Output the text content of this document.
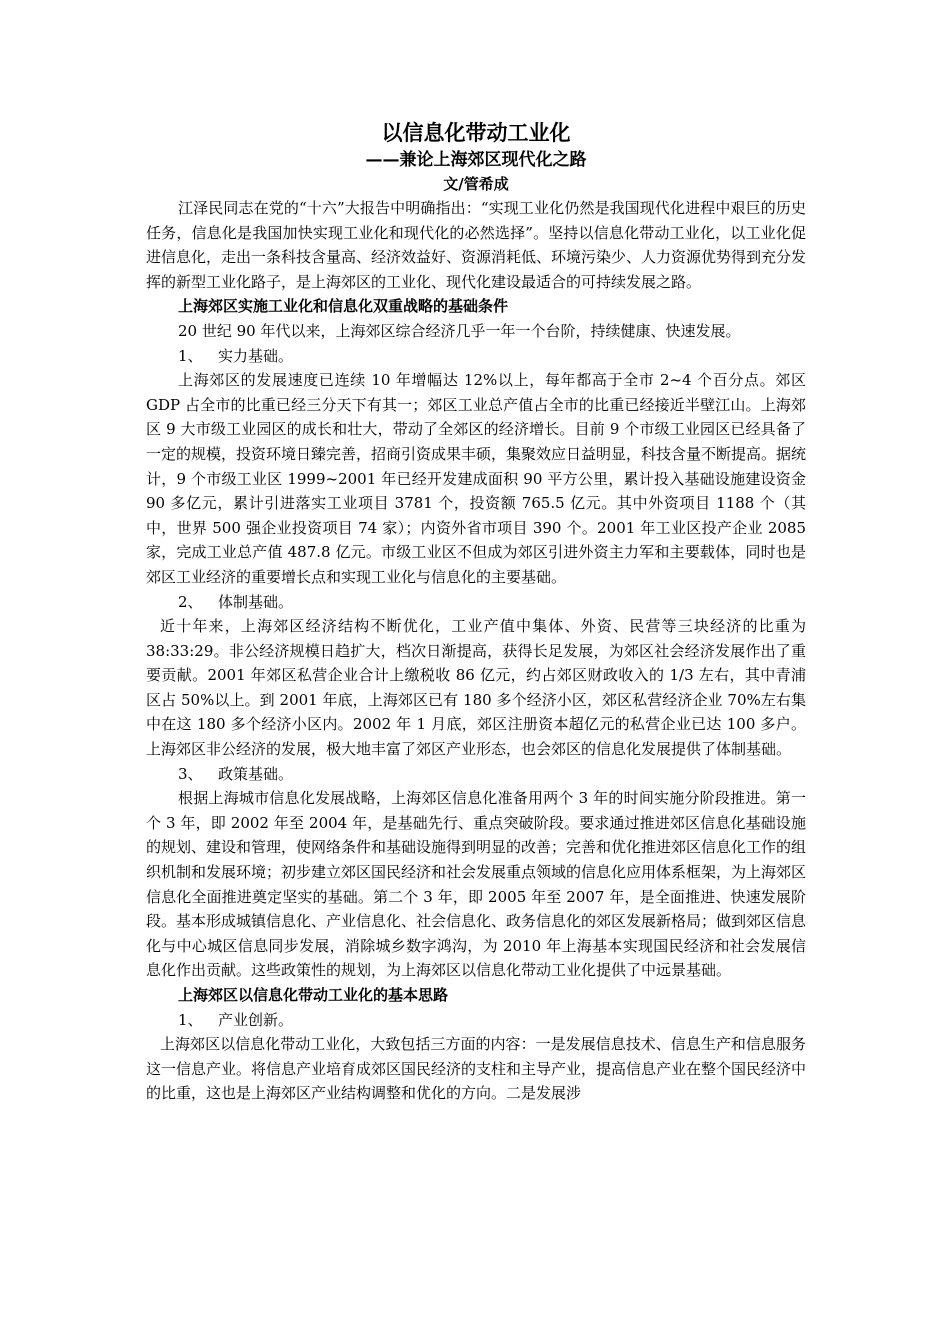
以信息化带动工业化
——兼论上海郊区现代化之路
文/管希成

江泽民同志在党的“十六”大报告中明确指出：“实现工业化仍然是我国现代化进程中艰巨的历史任务，信息化是我国加快实现工业化和现代化的必然选择”。坚持以信息化带动工业化，以工业化促进信息化，走出一条科技含量高、经济效益好、资源消耗低、环境污染少、人力资源优势得到充分发挥的新型工业化路子，是上海郊区的工业化、现代化建设最适合的可持续发展之路。

上海郊区实施工业化和信息化双重战略的基础条件

20 世纪 90 年代以来，上海郊区综合经济几乎一年一个台阶，持续健康、快速发展。

1、 实力基础。

上海郊区的发展速度已连续 10 年增幅达 12%以上，每年都高于全市 2~4 个百分点。郊区 GDP 占全市的比重已经三分天下有其一；郊区工业总产值占全市的比重已经接近半壁江山。上海郊区 9 大市级工业园区的成长和壮大，带动了全郊区的经济增长。目前 9 个市级工业园区已经具备了一定的规模，投资环境日臻完善，招商引资成果丰硕，集聚效应日益明显，科技含量不断提高。据统计，9 个市级工业区 1999~2001 年已经开发建成面积 90 平方公里，累计投入基础设施建设资金 90 多亿元，累计引进落实工业项目 3781 个，投资额 765.5 亿元。其中外资项目 1188 个（其中，世界 500 强企业投资项目 74 家）；内资外省市项目 390 个。2001 年工业区投产企业 2085 家，完成工业总产值 487.8 亿元。市级工业区不但成为郊区引进外资主力军和主要载体，同时也是郊区工业经济的重要增长点和实现工业化与信息化的主要基础。

2、 体制基础。

近十年来，上海郊区经济结构不断优化，工业产值中集体、外资、民营等三块经济的比重为 38:33:29。非公经济规模日趋扩大，档次日渐提高，获得长足发展，为郊区社会经济发展作出了重要贡献。2001 年郊区私营企业合计上缴税收 86 亿元，约占郊区财政收入的 1/3 左右，其中青浦区占 50%以上。到 2001 年底，上海郊区已有 180 多个经济小区，郊区私营经济企业 70%左右集中在这 180 多个经济小区内。2002 年 1 月底，郊区注册资本超亿元的私营企业已达 100 多户。上海郊区非公经济的发展，极大地丰富了郊区产业形态，也会郊区的信息化发展提供了体制基础。

3、 政策基础。

根据上海城市信息化发展战略，上海郊区信息化准备用两个 3 年的时间实施分阶段推进。第一个 3 年，即 2002 年至 2004 年，是基础先行、重点突破阶段。要求通过推进郊区信息化基础设施的规划、建设和管理，使网络条件和基础设施得到明显的改善；完善和优化推进郊区信息化工作的组织机制和发展环境；初步建立郊区国民经济和社会发展重点领域的信息化应用体系框架，为上海郊区信息化全面推进奠定坚实的基础。第二个 3 年，即 2005 年至 2007 年，是全面推进、快速发展阶段。基本形成城镇信息化、产业信息化、社会信息化、政务信息化的郊区发展新格局；做到郊区信息化与中心城区信息同步发展，消除城乡数字鸿沟，为 2010 年上海基本实现国民经济和社会发展信息化作出贡献。这些政策性的规划，为上海郊区以信息化带动工业化提供了中远景基础。

上海郊区以信息化带动工业化的基本思路

1、 产业创新。

上海郊区以信息化带动工业化，大致包括三方面的内容：一是发展信息技术、信息生产和信息服务这一信息产业。将信息产业培育成郊区国民经济的支柱和主导产业，提高信息产业在整个国民经济中的比重，这也是上海郊区产业结构调整和优化的方向。二是发展涉
